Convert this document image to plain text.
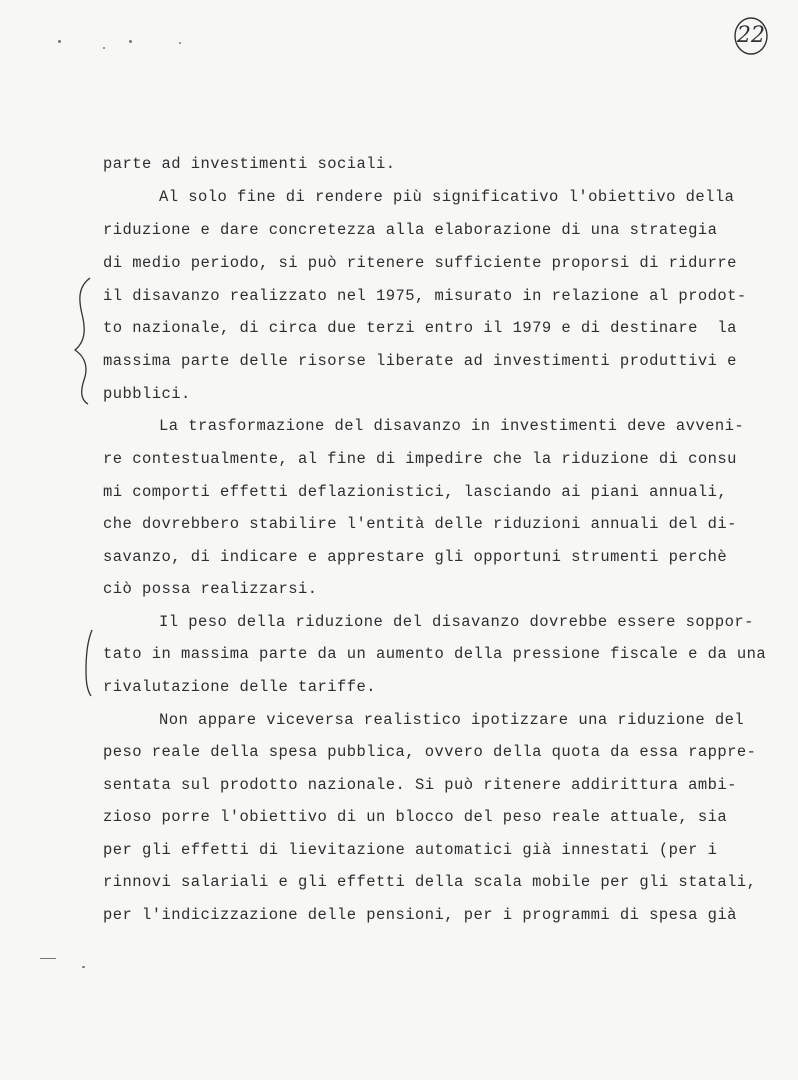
22
parte ad investimenti sociali.
Al solo fine di rendere più significativo l'obiettivo della
riduzione e dare concretezza alla elaborazione di una strategia
di medio periodo, si può ritenere sufficiente proporsi di ridurre
il disavanzo realizzato nel 1975, misurato in relazione al prodot-
to nazionale, di circa due terzi entro il 1979 e di destinare  la
massima parte delle risorse liberate ad investimenti produttivi e
pubblici.
La trasformazione del disavanzo in investimenti deve avveni-
re contestualmente, al fine di impedire che la riduzione di consu
mi comporti effetti deflazionistici, lasciando ai piani annuali,
che dovrebbero stabilire l'entità delle riduzioni annuali del di-
savanzo, di indicare e apprestare gli opportuni strumenti perchè
ciò possa realizzarsi.
Il peso della riduzione del disavanzo dovrebbe essere soppor-
tato in massima parte da un aumento della pressione fiscale e da una
rivalutazione delle tariffe.
Non appare viceversa realistico ipotizzare una riduzione del
peso reale della spesa pubblica, ovvero della quota da essa rappre-
sentata sul prodotto nazionale. Si può ritenere addirittura ambi-
zioso porre l'obiettivo di un blocco del peso reale attuale, sia
per gli effetti di lievitazione automatici già innestati (per i
rinnovi salariali e gli effetti della scala mobile per gli statali,
per l'indicizzazione delle pensioni, per i programmi di spesa già
